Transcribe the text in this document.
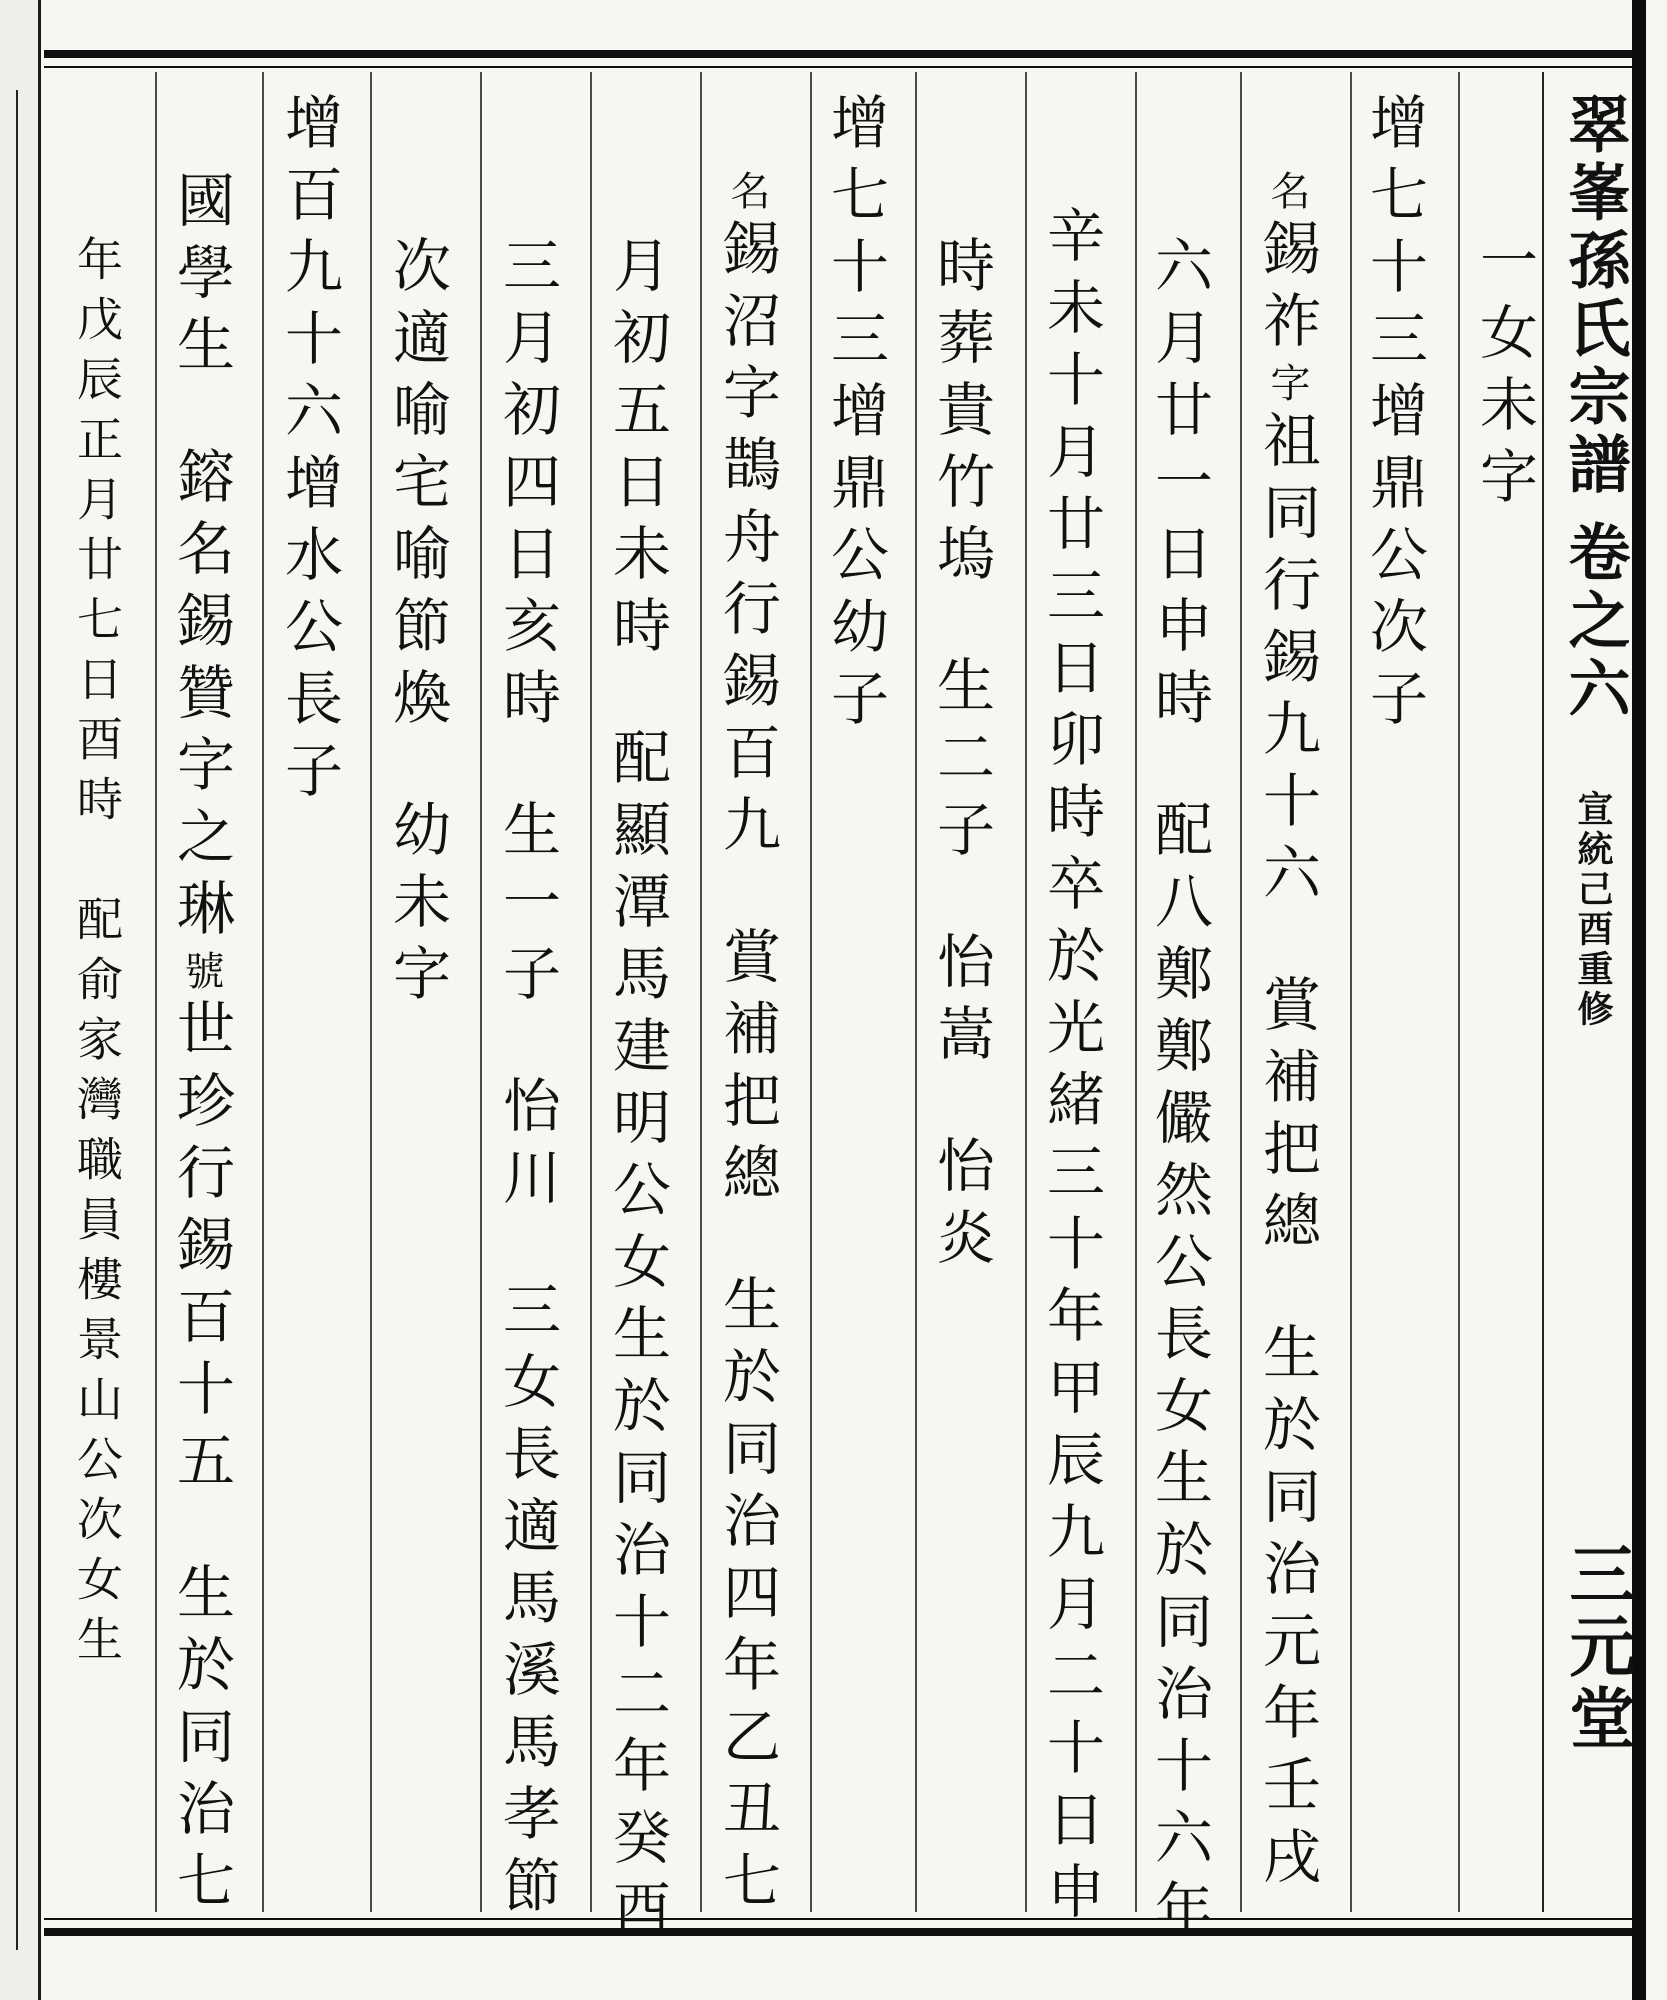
翠峯孫氏宗譜
卷之六
宣統己酉重修
三元堂
一女未字
增七十三增鼎公次子
名錫祚字祖同行錫九十六賞補把總生於同治元年壬戌
六月廿一日申時配八鄭鄭儼然公長女生於同治十六年
辛未十月廿三日卯時卒於光緒三十年甲辰九月二十日申
時葬貴竹塢生二子怡嵩怡炎
增七十三增鼎公幼子
名錫沼字鵲舟行錫百九賞補把總生於同治四年乙丑七
月初五日未時配顯潭馬建明公女生於同治十二年癸酉
三月初四日亥時生一子怡川三女長適馬溪馬孝節
次適喻宅喻節煥幼未字
增百九十六增水公長子
國學生鎔名錫贊字之琳號世珍行錫百十五生於同治七
年戊辰正月廿七日酉時配俞家灣職員樓景山公次女生
